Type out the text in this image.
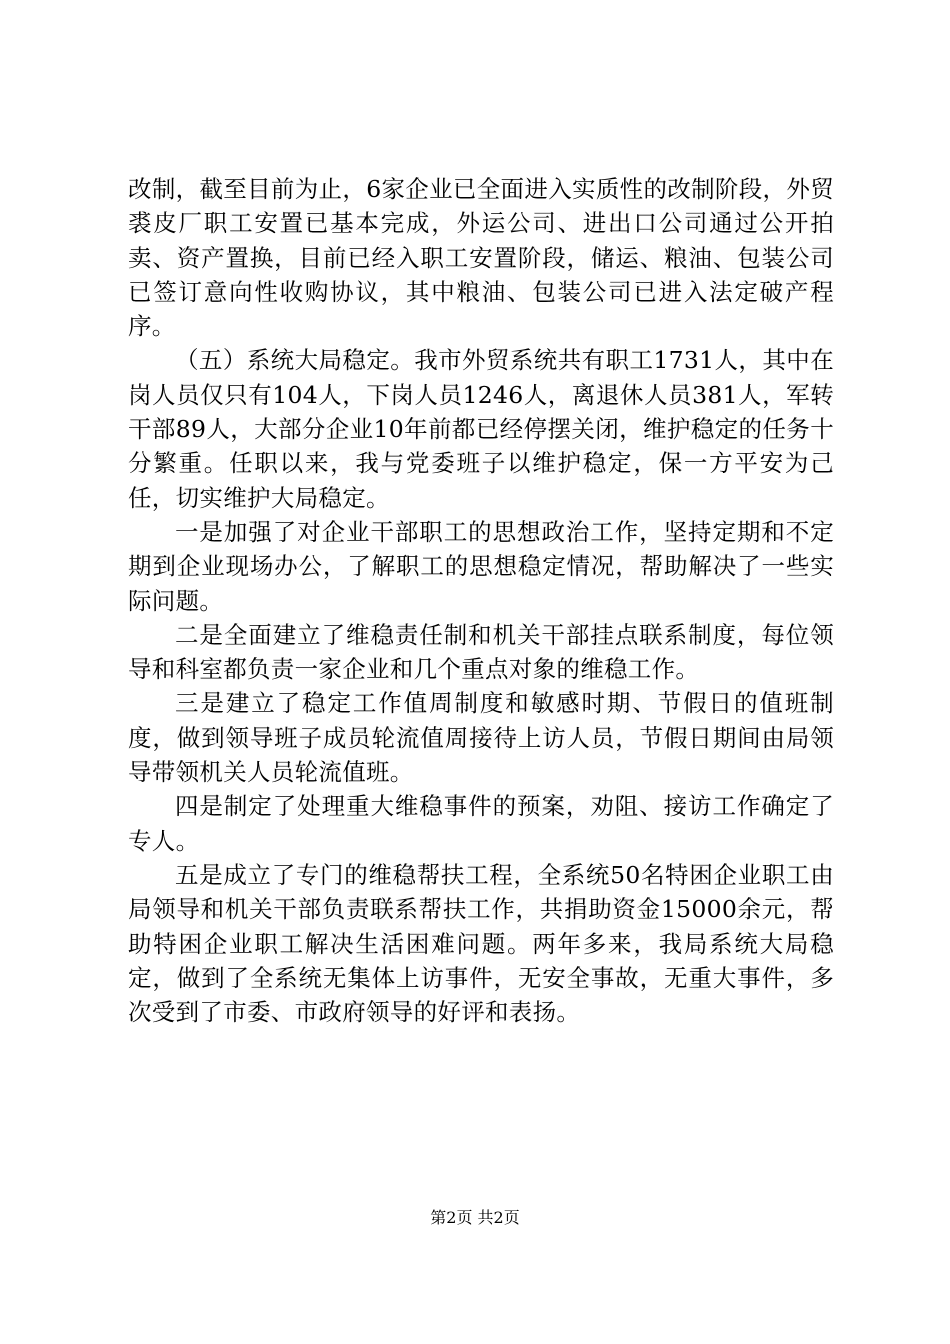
改制，截至目前为止，6家企业已全面进入实质性的改制阶段，外贸裘皮厂职工安置已基本完成，外运公司、进出口公司通过公开拍卖、资产置换，目前已经入职工安置阶段，储运、粮油、包装公司已签订意向性收购协议，其中粮油、包装公司已进入法定破产程序。

（五）系统大局稳定。我市外贸系统共有职工1731人，其中在岗人员仅只有104人，下岗人员1246人，离退休人员381人，军转干部89人，大部分企业10年前都已经停摆关闭，维护稳定的任务十分繁重。任职以来，我与党委班子以维护稳定，保一方平安为己任，切实维护大局稳定。

一是加强了对企业干部职工的思想政治工作，坚持定期和不定期到企业现场办公，了解职工的思想稳定情况，帮助解决了一些实际问题。

二是全面建立了维稳责任制和机关干部挂点联系制度，每位领导和科室都负责一家企业和几个重点对象的维稳工作。

三是建立了稳定工作值周制度和敏感时期、节假日的值班制度，做到领导班子成员轮流值周接待上访人员，节假日期间由局领导带领机关人员轮流值班。

四是制定了处理重大维稳事件的预案，劝阻、接访工作确定了专人。

五是成立了专门的维稳帮扶工程，全系统50名特困企业职工由局领导和机关干部负责联系帮扶工作，共捐助资金15000余元，帮助特困企业职工解决生活困难问题。两年多来，我局系统大局稳定，做到了全系统无集体上访事件，无安全事故，无重大事件，多次受到了市委、市政府领导的好评和表扬。

第2页 共2页
